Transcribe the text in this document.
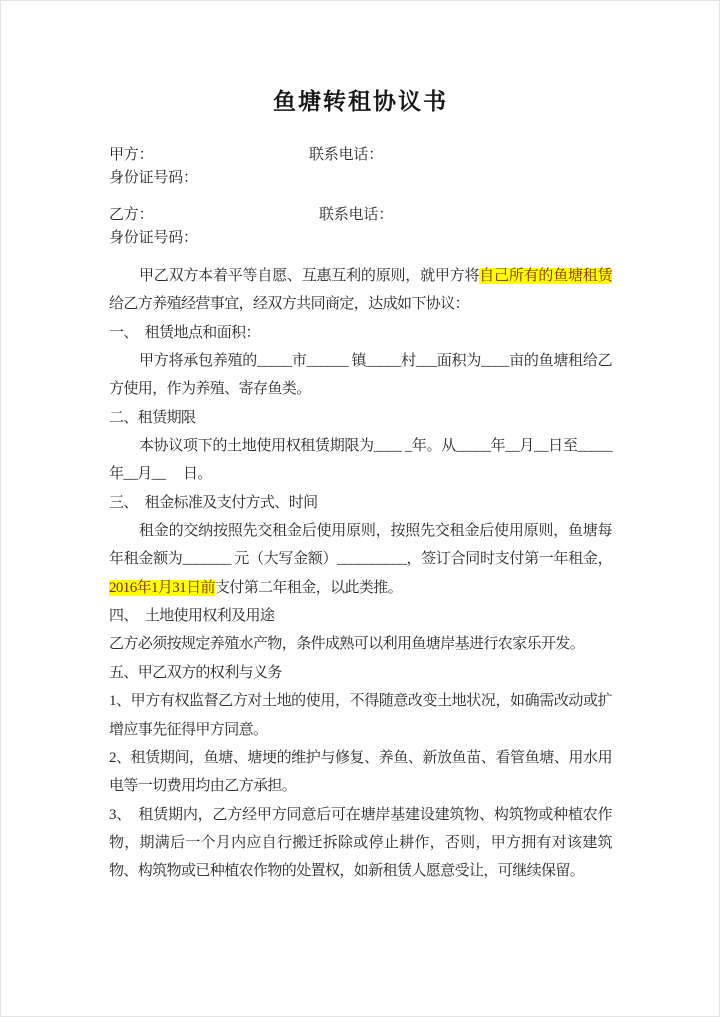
鱼塘转租协议书
甲方：	联系电话：
身份证号码：
乙方：	联系电话：
身份证号码：

甲乙双方本着平等自愿、互惠互利的原则，就甲方将自己所有的鱼塘租赁给乙方养殖经营事宜，经双方共同商定，达成如下协议：

一、　租赁地点和面积：

甲方将承包养殖的_____市______ 镇_____村___面积为____亩的鱼塘租给乙方使用，作为养殖、寄存鱼类。

二、租赁期限

本协议项下的土地使用权租赁期限为____ _年。从_____年__月__日至_____年__月__　 日。

三、　租金标准及支付方式、时间

租金的交纳按照先交租金后使用原则，按照先交租金后使用原则，鱼塘每年租金额为_______ 元（大写金额）__________，签订合同时支付第一年租金，2016年1月31日前支付第二年租金，以此类推。

四、　土地使用权利及用途

乙方必须按规定养殖水产物，条件成熟可以利用鱼塘岸基进行农家乐开发。

五、甲乙双方的权利与义务

1、甲方有权监督乙方对土地的使用，不得随意改变土地状况，如确需改动或扩增应事先征得甲方同意。

2、租赁期间，鱼塘、塘埂的维护与修复、养鱼、新放鱼苗、看管鱼塘、用水用电等一切费用均由乙方承担。

3、　租赁期内，乙方经甲方同意后可在塘岸基建设建筑物、构筑物或种植农作物，期满后一个月内应自行搬迁拆除或停止耕作，否则，甲方拥有对该建筑物、构筑物或已种植农作物的处置权，如新租赁人愿意受让，可继续保留。
